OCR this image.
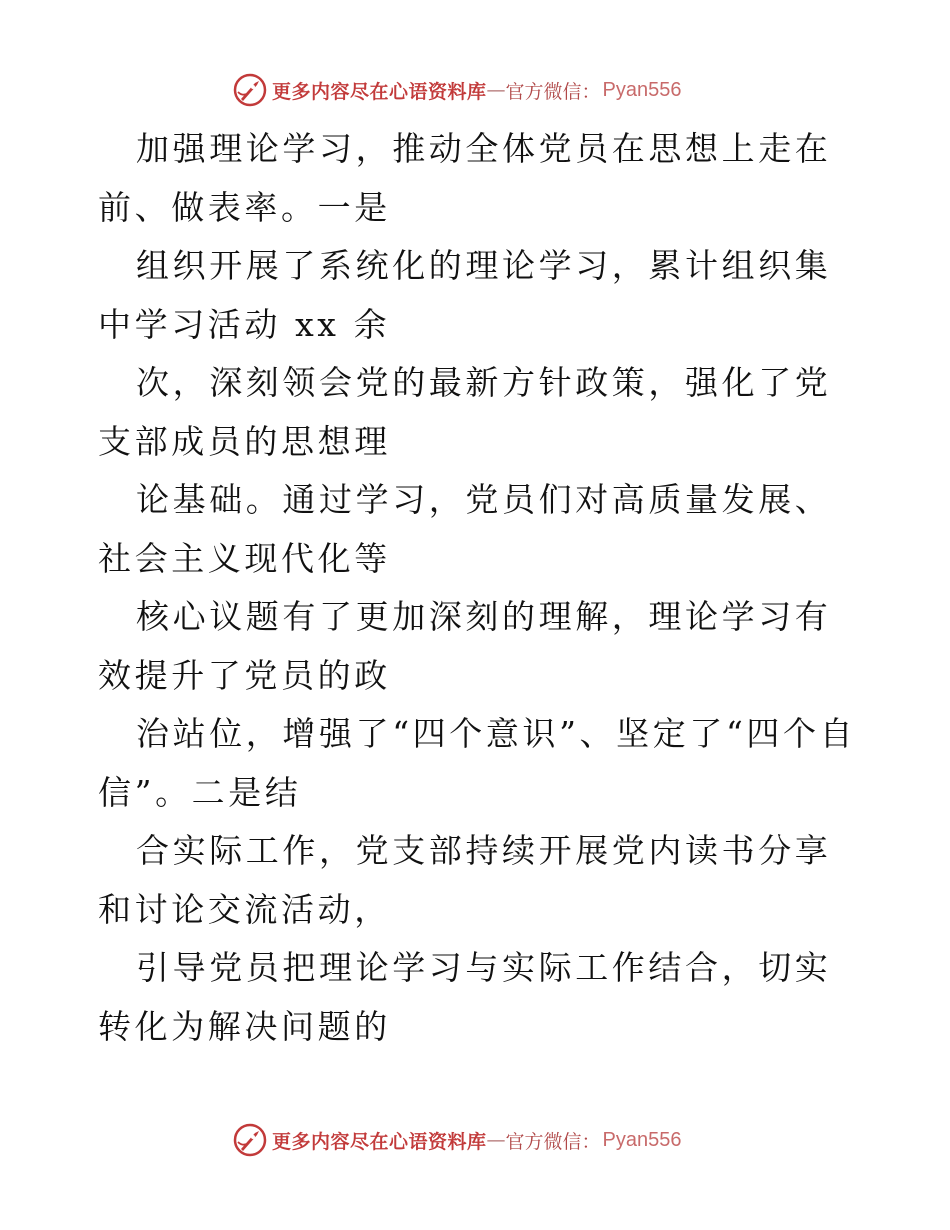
更多内容尽在心语资料库 — 官方微信： Pyan556

加强理论学习，推动全体党员在思想上走在前、做表率。一是

组织开展了系统化的理论学习，累计组织集中学习活动 xx 余

次，深刻领会党的最新方针政策，强化了党支部成员的思想理

论基础。通过学习，党员们对高质量发展、社会主义现代化等

核心议题有了更加深刻的理解，理论学习有效提升了党员的政

治站位，增强了“四个意识”、坚定了“四个自信”。二是结

合实际工作，党支部持续开展党内读书分享和讨论交流活动，

引导党员把理论学习与实际工作结合，切实转化为解决问题的

更多内容尽在心语资料库 — 官方微信： Pyan556
